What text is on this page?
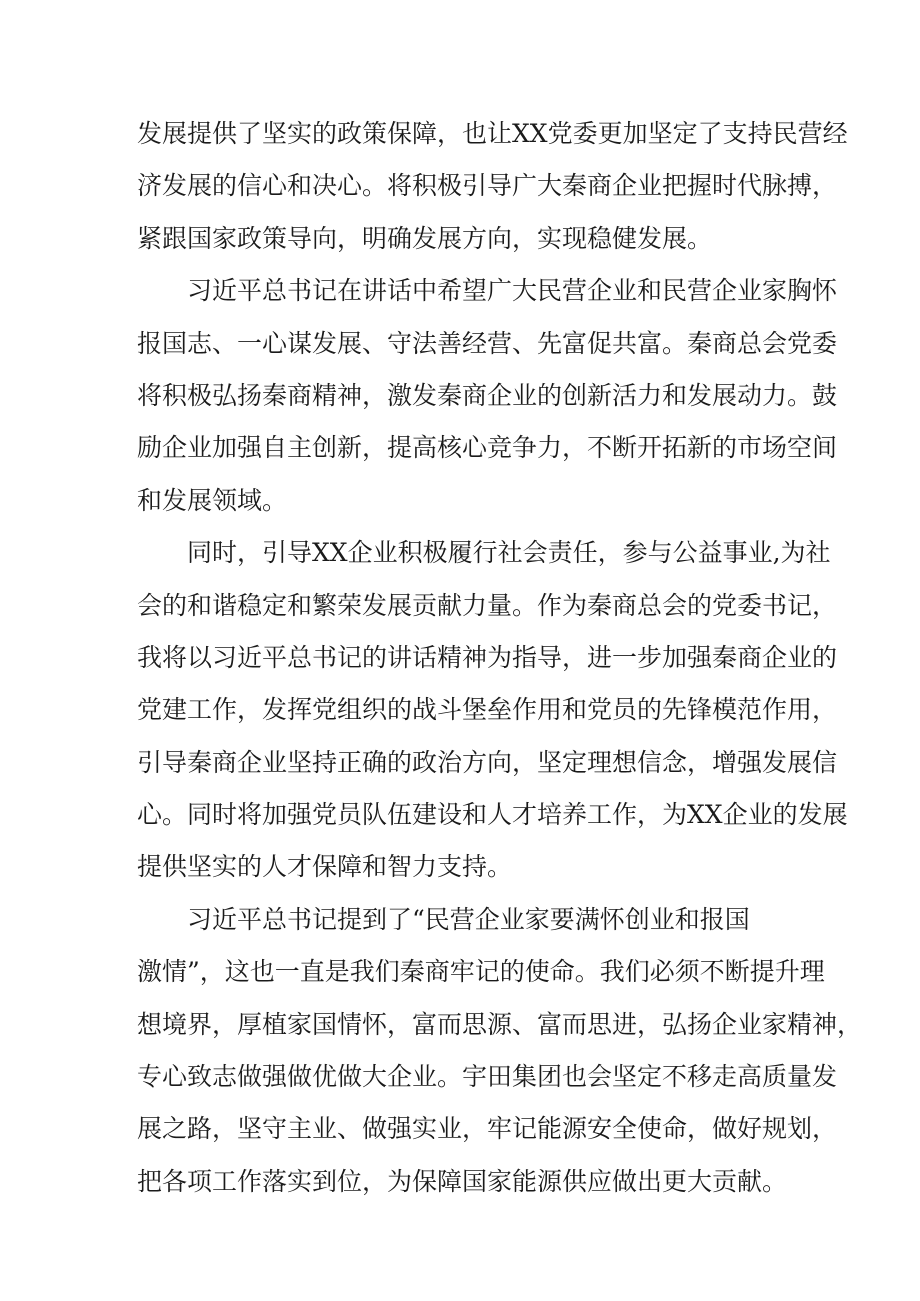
发展提供了坚实的政策保障，也让XX党委更加坚定了支持民营经
济发展的信心和决心。将积极引导广大秦商企业把握时代脉搏，
紧跟国家政策导向，明确发展方向，实现稳健发展。
习近平总书记在讲话中希望广大民营企业和民营企业家胸怀
报国志、一心谋发展、守法善经营、先富促共富。秦商总会党委
将积极弘扬秦商精神，激发秦商企业的创新活力和发展动力。鼓
励企业加强自主创新，提高核心竞争力，不断开拓新的市场空间
和发展领域。
同时，引导XX企业积极履行社会责任，参与公益事业,为社
会的和谐稳定和繁荣发展贡献力量。作为秦商总会的党委书记，
我将以习近平总书记的讲话精神为指导，进一步加强秦商企业的
党建工作，发挥党组织的战斗堡垒作用和党员的先锋模范作用，
引导秦商企业坚持正确的政治方向，坚定理想信念，增强发展信
心。同时将加强党员队伍建设和人才培养工作，为XX企业的发展
提供坚实的人才保障和智力支持。
习近平总书记提到了“民营企业家要满怀创业和报国
激情”，这也一直是我们秦商牢记的使命。我们必须不断提升理
想境界，厚植家国情怀，富而思源、富而思进，弘扬企业家精神，
专心致志做强做优做大企业。宇田集团也会坚定不移走高质量发
展之路，坚守主业、做强实业，牢记能源安全使命，做好规划，
把各项工作落实到位，为保障国家能源供应做出更大贡献。
